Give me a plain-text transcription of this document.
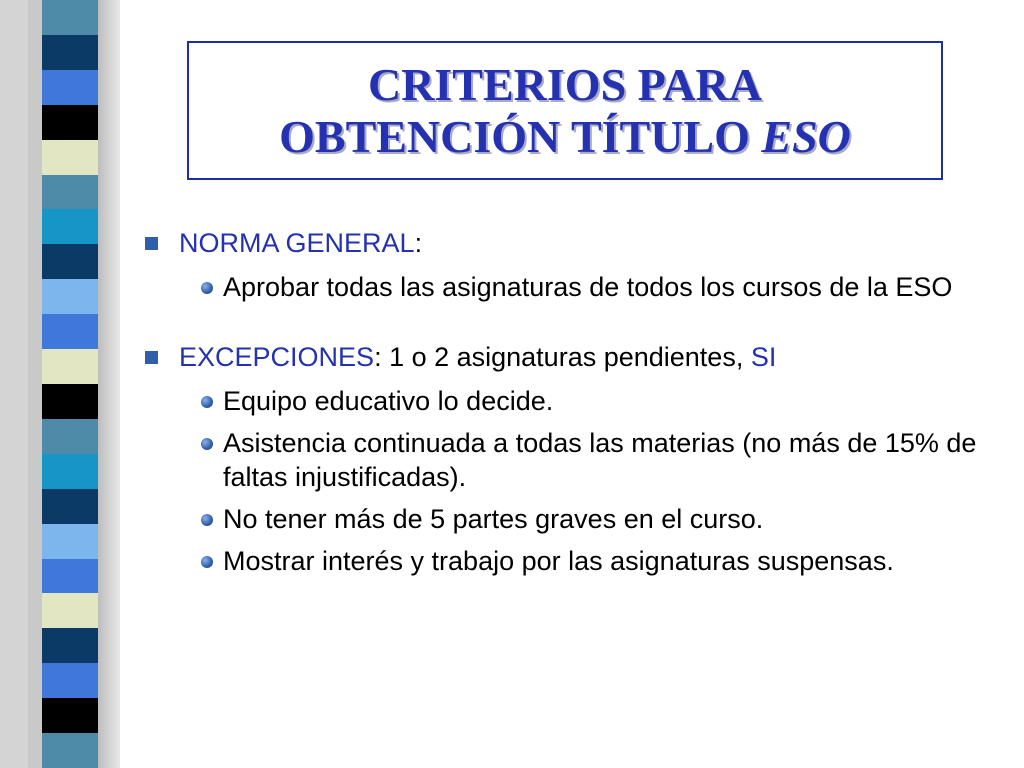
CRITERIOS PARA
OBTENCIÓN TÍTULO ESO
NORMA GENERAL:
Aprobar todas las asignaturas de todos los cursos de la ESO
EXCEPCIONES: 1 o 2 asignaturas pendientes, SI
Equipo educativo lo decide.
Asistencia continuada a todas las materias (no más de 15% de faltas injustificadas).
No tener más de 5 partes graves en el curso.
Mostrar interés y trabajo por las asignaturas suspensas.
